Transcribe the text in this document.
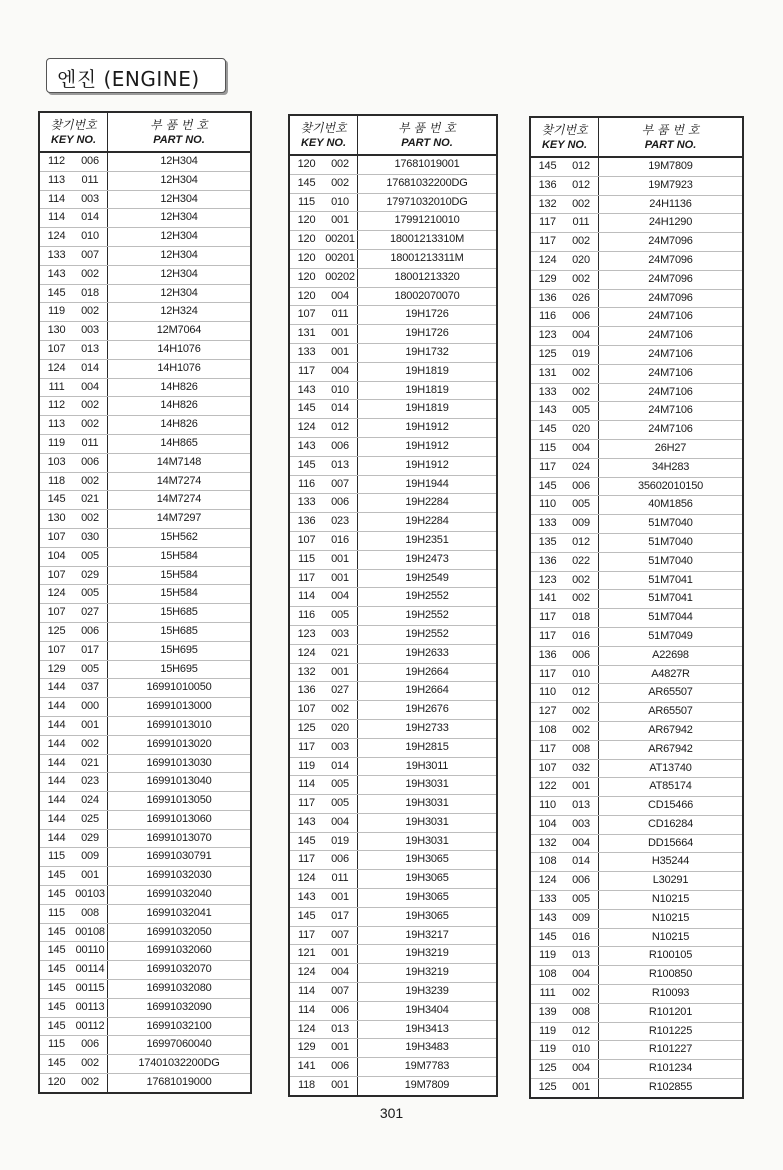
엔진 (ENGINE)
찾기번호
KEY NO.
부 품 번 호
PART NO.
112	006	12H304
113	011	12H304
114	003	12H304
114	014	12H304
124	010	12H304
133	007	12H304
143	002	12H304
145	018	12H304
119	002	12H324
130	003	12M7064
107	013	14H1076
124	014	14H1076
111	004	14H826
112	002	14H826
113	002	14H826
119	011	14H865
103	006	14M7148
118	002	14M7274
145	021	14M7274
130	002	14M7297
107	030	15H562
104	005	15H584
107	029	15H584
124	005	15H584
107	027	15H685
125	006	15H685
107	017	15H695
129	005	15H695
144	037	16991010050
144	000	16991013000
144	001	16991013010
144	002	16991013020
144	021	16991013030
144	023	16991013040
144	024	16991013050
144	025	16991013060
144	029	16991013070
115	009	16991030791
145	001	16991032030
145 00103	16991032040
115	008	16991032041
145 00108	16991032050
145 00110	16991032060
145 00114	16991032070
145 00115	16991032080
145 00113	16991032090
145 00112	16991032100
115	006	16997060040
145	002	17401032200DG
120	002	17681019000
찾기번호
KEY NO.
부 품 번 호
PART NO.
120	002	17681019001
145	002	17681032200DG
115	010	17971032010DG
120	001	17991210010
120 00201	18001213310M
120 00201	18001213311M
120 00202	18001213320
120	004	18002070070
107	011	19H1726
131	001	19H1726
133	001	19H1732
117	004	19H1819
143	010	19H1819
145	014	19H1819
124	012	19H1912
143	006	19H1912
145	013	19H1912
116	007	19H1944
133	006	19H2284
136	023	19H2284
107	016	19H2351
115	001	19H2473
117	001	19H2549
114	004	19H2552
116	005	19H2552
123	003	19H2552
124	021	19H2633
132	001	19H2664
136	027	19H2664
107	002	19H2676
125	020	19H2733
117	003	19H2815
119	014	19H3011
114	005	19H3031
117	005	19H3031
143	004	19H3031
145	019	19H3031
117	006	19H3065
124	011	19H3065
143	001	19H3065
145	017	19H3065
117	007	19H3217
121	001	19H3219
124	004	19H3219
114	007	19H3239
114	006	19H3404
124	013	19H3413
129	001	19H3483
141	006	19M7783
118	001	19M7809
찾기번호
KEY NO.
부 품 번 호
PART NO.
145	012	19M7809
136	012	19M7923
132	002	24H1136
117	011	24H1290
117	002	24M7096
124	020	24M7096
129	002	24M7096
136	026	24M7096
116	006	24M7106
123	004	24M7106
125	019	24M7106
131	002	24M7106
133	002	24M7106
143	005	24M7106
145	020	24M7106
115	004	26H27
117	024	34H283
145	006	35602010150
110	005	40M1856
133	009	51M7040
135	012	51M7040
136	022	51M7040
123	002	51M7041
141	002	51M7041
117	018	51M7044
117	016	51M7049
136	006	A22698
117	010	A4827R
110	012	AR65507
127	002	AR65507
108	002	AR67942
117	008	AR67942
107	032	AT13740
122	001	AT85174
110	013	CD15466
104	003	CD16284
132	004	DD15664
108	014	H35244
124	006	L30291
133	005	N10215
143	009	N10215
145	016	N10215
119	013	R100105
108	004	R100850
111	002	R10093
139	008	R101201
119	012	R101225
119	010	R101227
125	004	R101234
125	001	R102855
301
